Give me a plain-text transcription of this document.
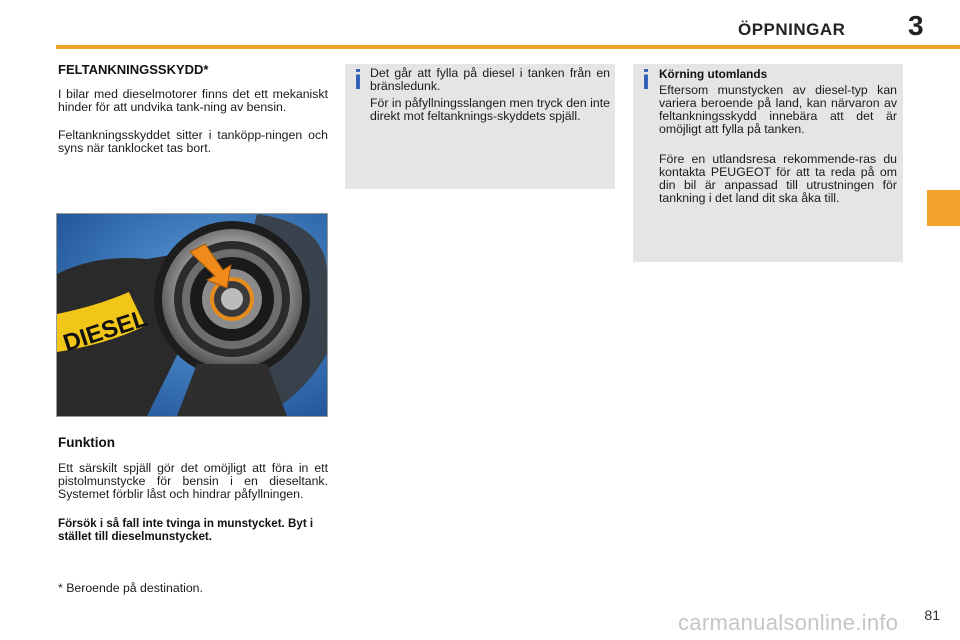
ÖPPNINGAR	3
FELTANKNINGSSKYDD*

I bilar med dieselmotorer finns det ett mekaniskt hinder för att undvika tank-ning av bensin.

Feltankningsskyddet sitter i tanköpp-ningen och syns när tanklocket tas bort.

DIESEL
Funktion

Ett särskilt spjäll gör det omöjligt att föra in ett pistolmunstycke för bensin i en dieseltank. Systemet förblir låst och hindrar påfyllningen.

Försök i så fall inte tvinga in munstycket. Byt i stället till dieselmunstycket.

* Beroende på destination.
i Det går att fylla på diesel i tanken från en bränsledunk.

För in påfyllningsslangen men tryck den inte direkt mot feltanknings-skyddets spjäll.

i Körning utomlands

Eftersom munstycken av diesel-typ kan variera beroende på land, kan närvaron av feltankningsskydd innebära att det är omöjligt att fylla på tanken.

Före en utlandsresa rekommende-ras du kontakta PEUGEOT för att ta reda på om din bil är anpassad till utrustningen för tankning i det land dit ska åka till.

81
carmanualsonline.info
